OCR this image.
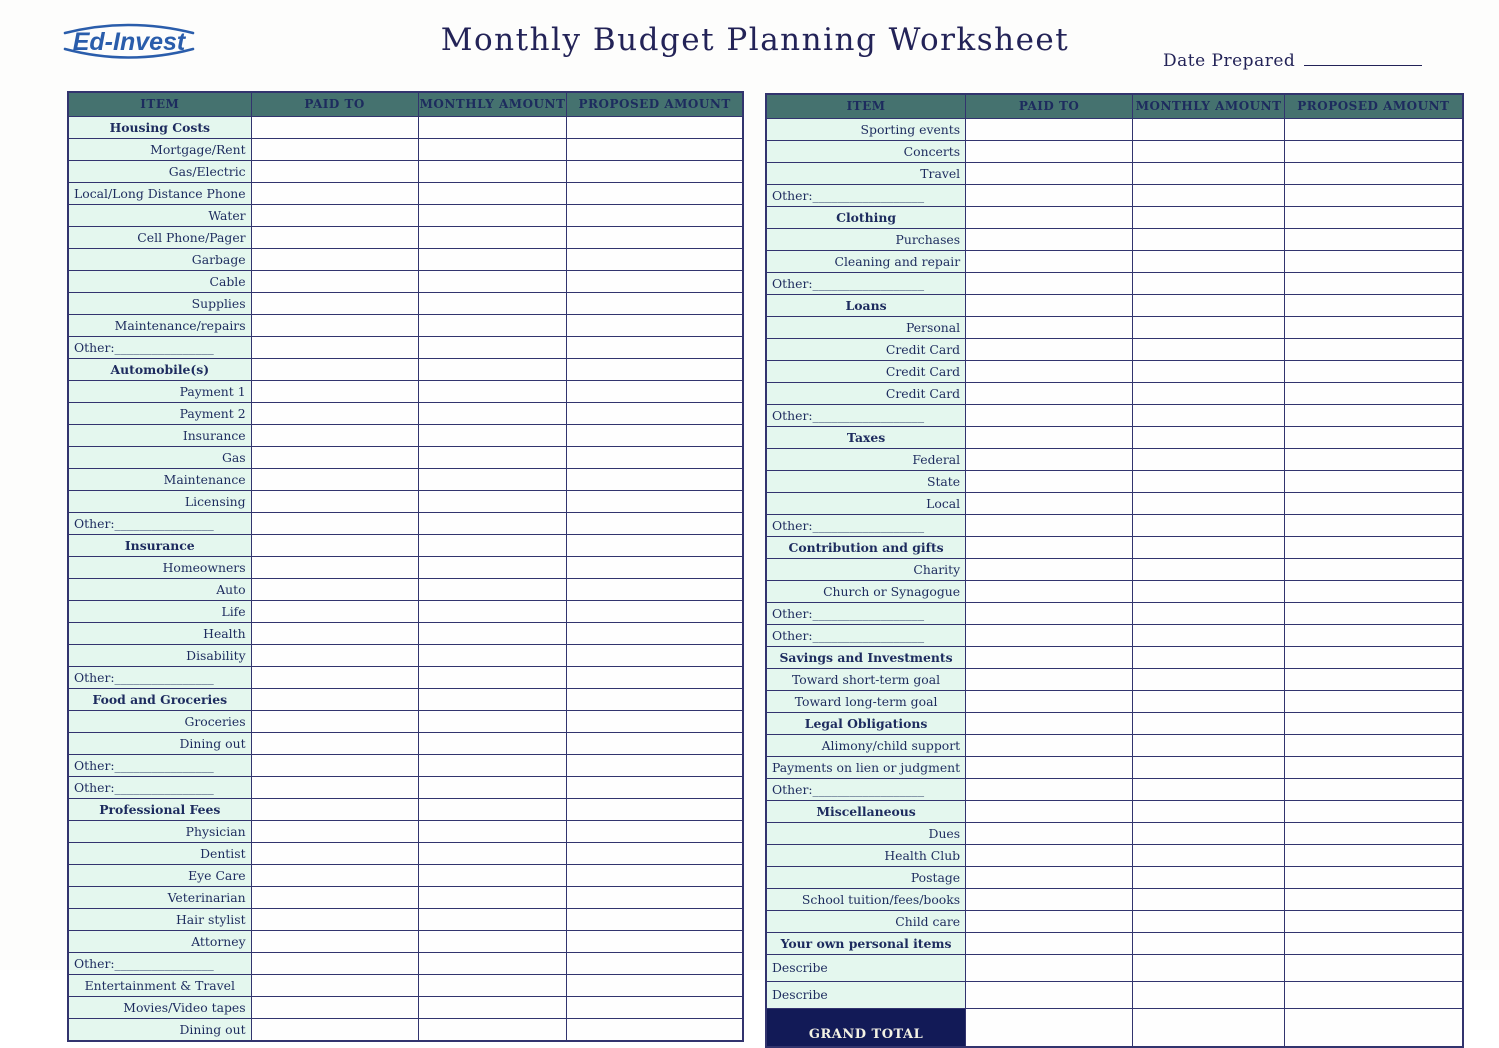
Ed-Invest	Monthly Budget Planning Worksheet
Date Prepared
ITEM	PAID TO	MONTHLY AMOUNT	PROPOSED AMOUNT
Housing Costs			
Mortgage/Rent			
Gas/Electric			
Local/Long Distance Phone			
Water			
Cell Phone/Pager			
Garbage			
Cable			
Supplies			
Maintenance/repairs			
Other:________________			
Automobile(s)			
Payment 1			
Payment 2			
Insurance			
Gas			
Maintenance			
Licensing			
Other:________________			
Insurance			
Homeowners			
Auto			
Life			
Health			
Disability			
Other:________________			
Food and Groceries			
Groceries			
Dining out			
Other:________________			
Other:________________			
Professional Fees			
Physician			
Dentist			
Eye Care			
Veterinarian			
Hair stylist			
Attorney			
Other:________________			
Entertainment & Travel			
Movies/Video tapes			
Dining out			
ITEM	PAID TO	MONTHLY AMOUNT	PROPOSED AMOUNT
Sporting events			
Concerts			
Travel			
Other:__________________			
Clothing			
Purchases			
Cleaning and repair			
Other:__________________			
Loans			
Personal			
Credit Card			
Credit Card			
Credit Card			
Other:__________________			
Taxes			
Federal			
State			
Local			
Other:__________________			
Contribution and gifts			
Charity			
Church or Synagogue			
Other:__________________			
Other:__________________			
Savings and Investments			
Toward short-term goal			
Toward long-term goal			
Legal Obligations			
Alimony/child support			
Payments on lien or judgment			
Other:__________________			
Miscellaneous			
Dues			
Health Club			
Postage			
School tuition/fees/books			
Child care			
Your own personal items			
Describe			
Describe			
GRAND TOTAL			
